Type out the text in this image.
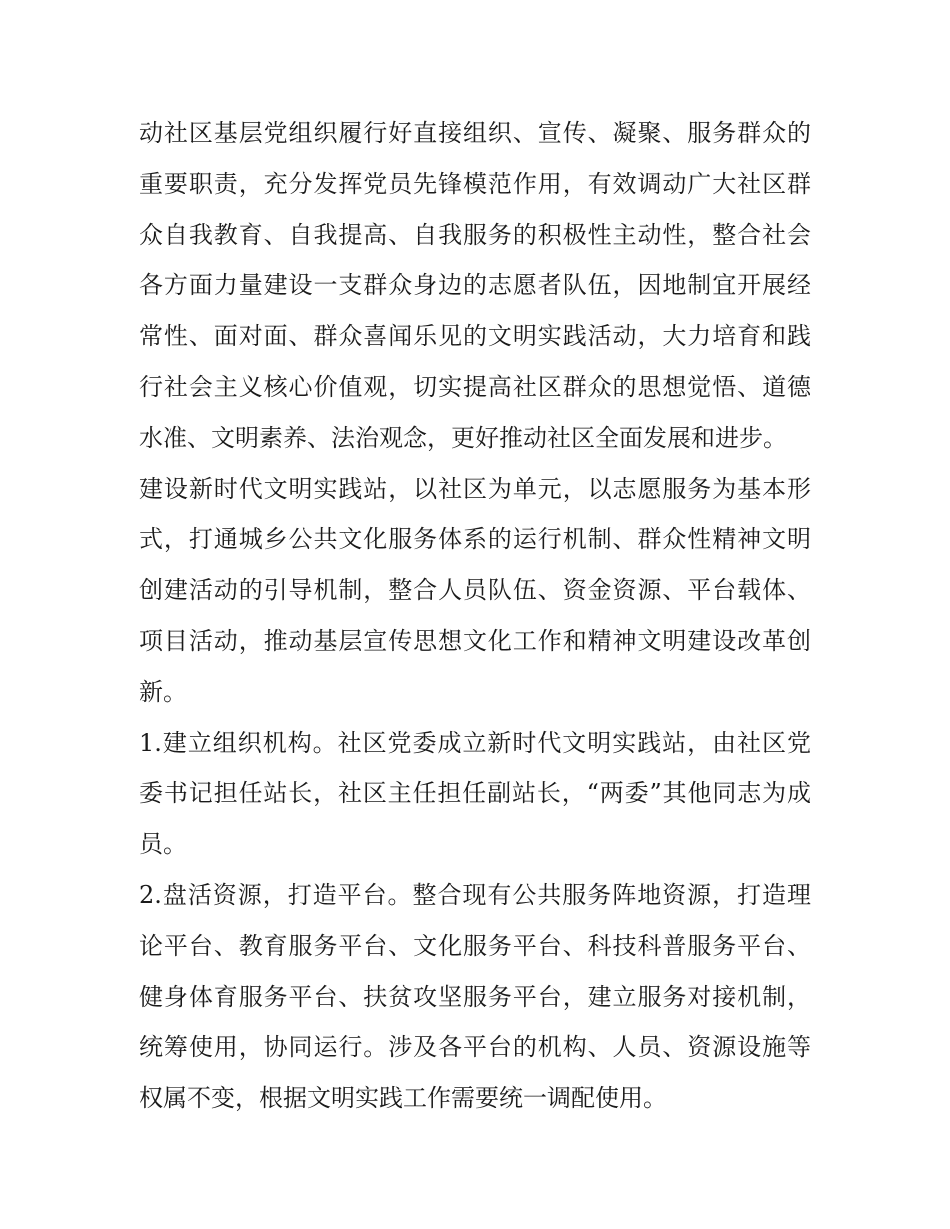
动社区基层党组织履行好直接组织、宣传、凝聚、服务群众的
重要职责，充分发挥党员先锋模范作用，有效调动广大社区群
众自我教育、自我提高、自我服务的积极性主动性，整合社会
各方面力量建设一支群众身边的志愿者队伍，因地制宜开展经
常性、面对面、群众喜闻乐见的文明实践活动，大力培育和践
行社会主义核心价值观，切实提高社区群众的思想觉悟、道德
水准、文明素养、法治观念，更好推动社区全面发展和进步。
建设新时代文明实践站，以社区为单元，以志愿服务为基本形
式，打通城乡公共文化服务体系的运行机制、群众性精神文明
创建活动的引导机制，整合人员队伍、资金资源、平台载体、
项目活动，推动基层宣传思想文化工作和精神文明建设改革创
新。
1.建立组织机构。社区党委成立新时代文明实践站，由社区党
委书记担任站长，社区主任担任副站长，“两委”其他同志为成
员。
2.盘活资源，打造平台。整合现有公共服务阵地资源，打造理
论平台、教育服务平台、文化服务平台、科技科普服务平台、
健身体育服务平台、扶贫攻坚服务平台，建立服务对接机制，
统筹使用，协同运行。涉及各平台的机构、人员、资源设施等
权属不变，根据文明实践工作需要统一调配使用。
